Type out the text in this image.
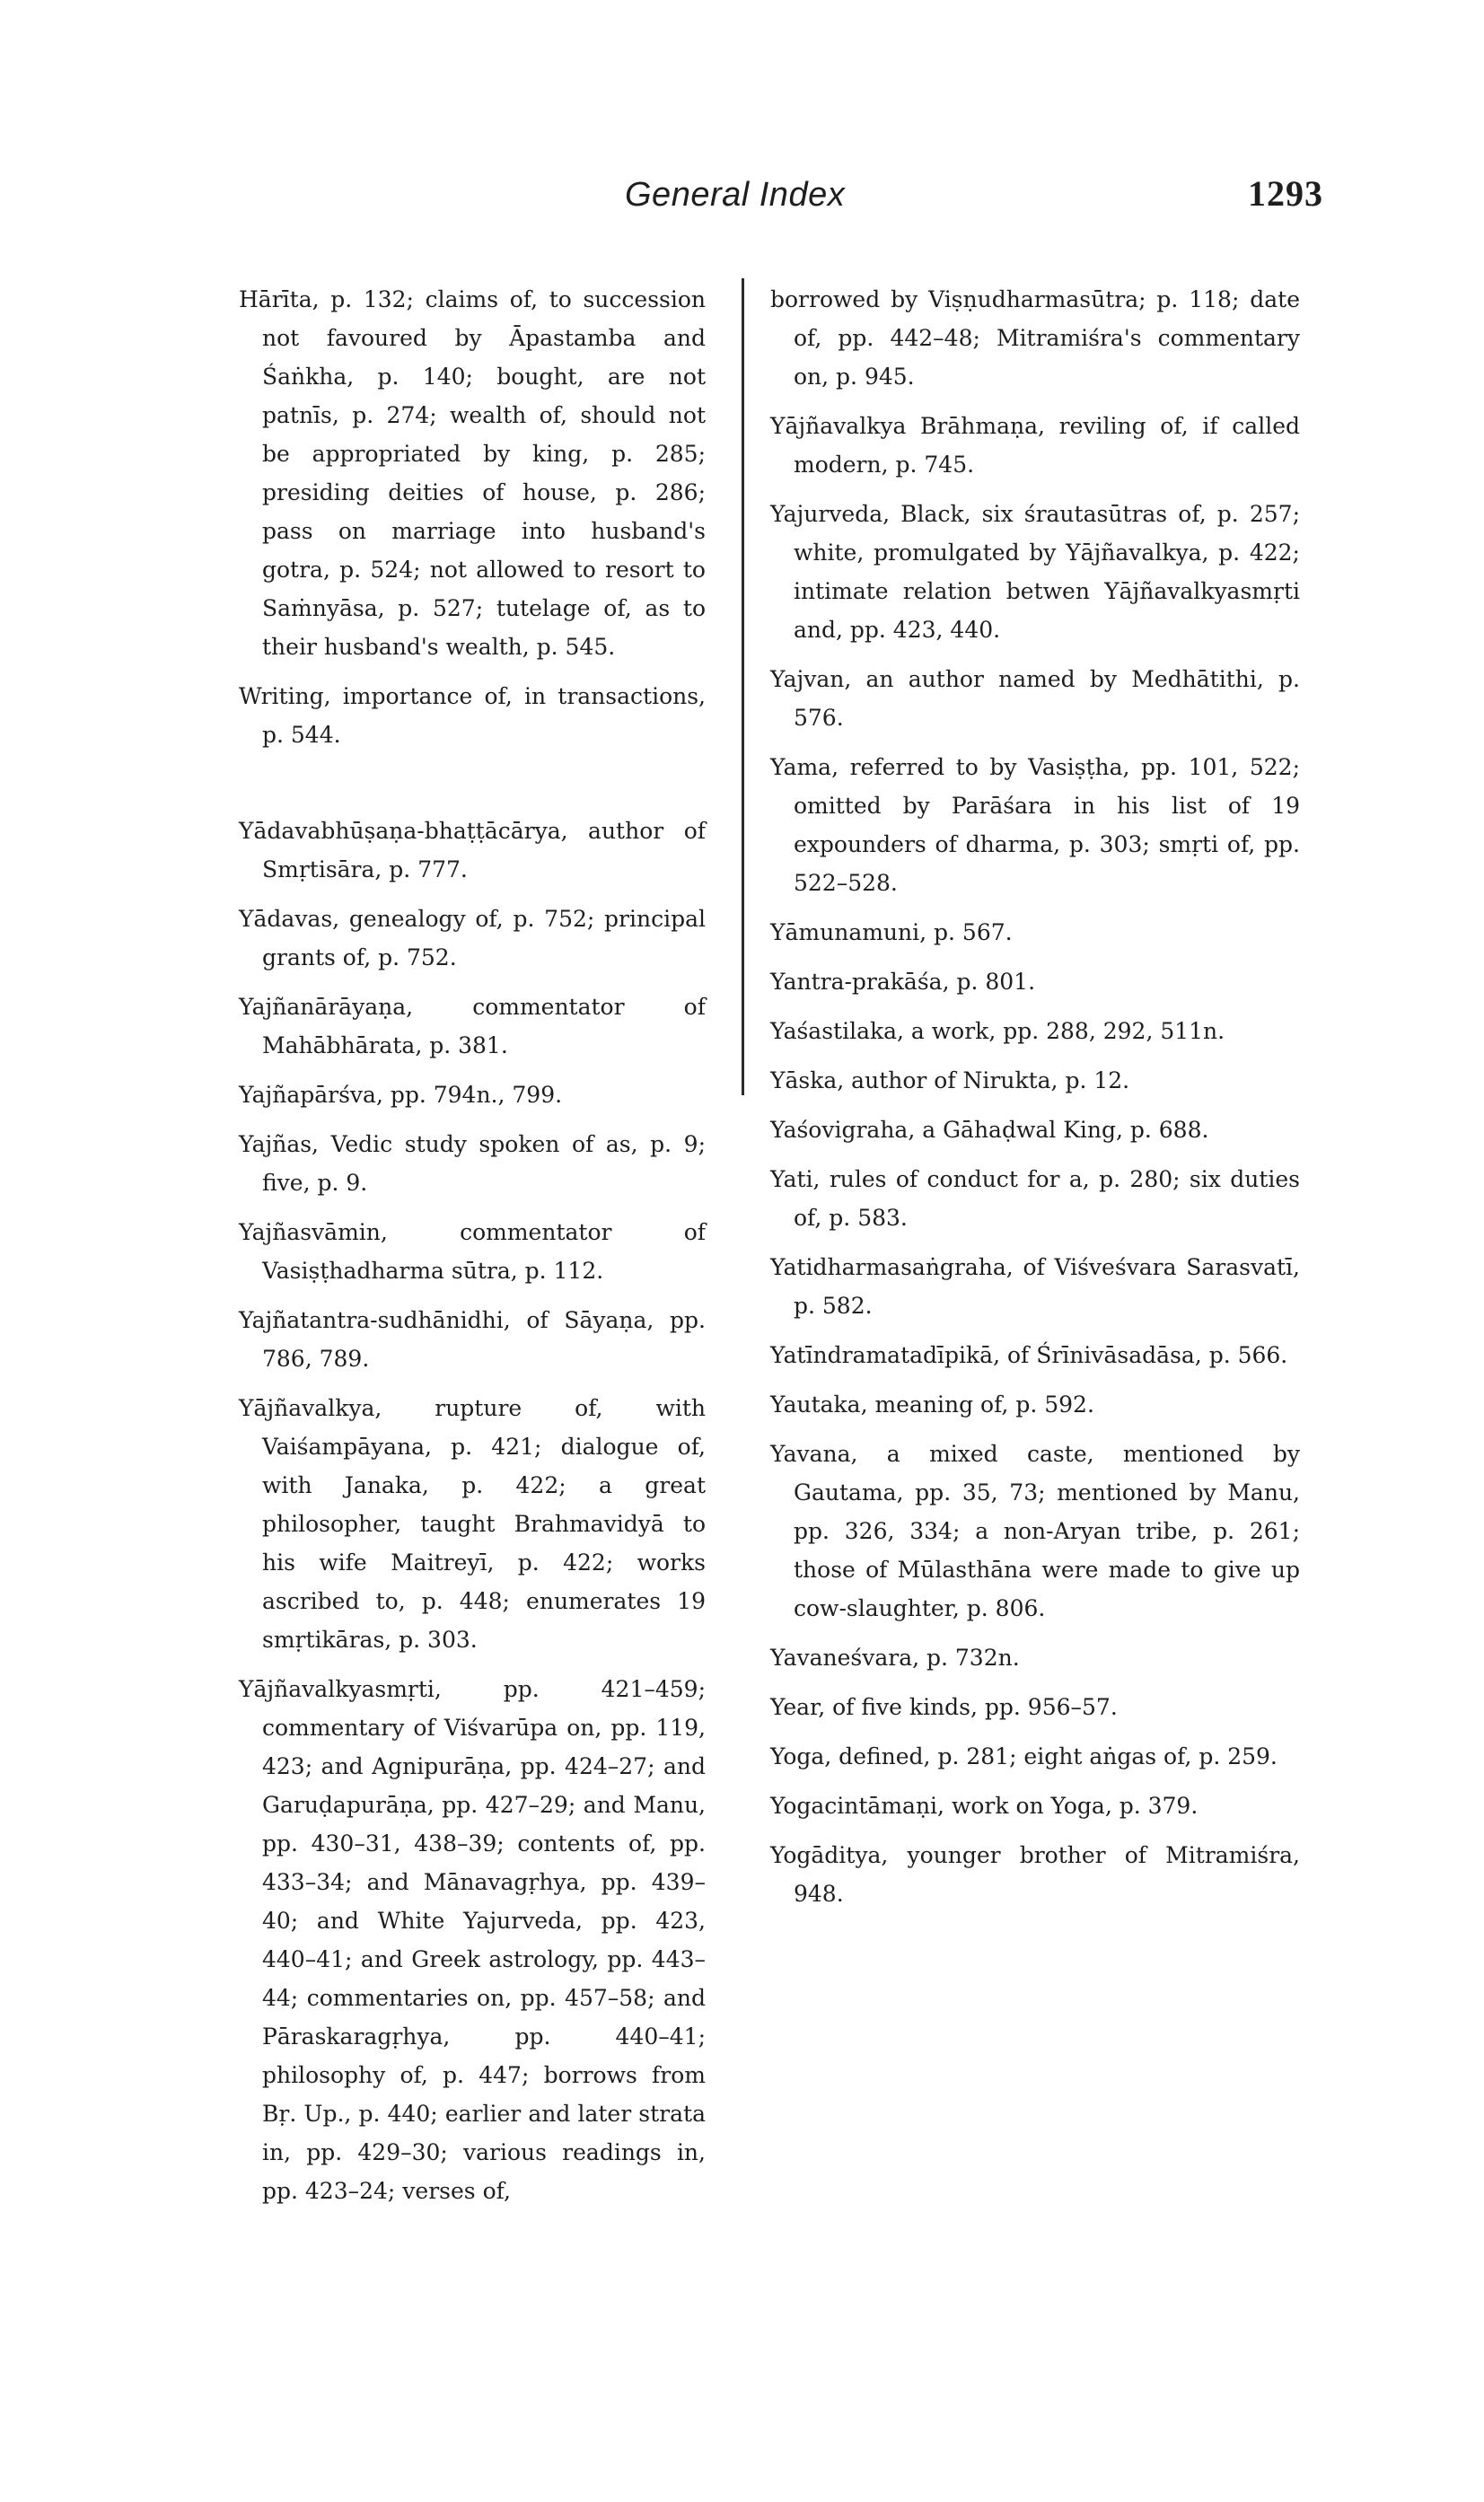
General Index	1293

Hārīta, p. 132; claims of, to succession not favoured by Āpastamba and Śaṅkha, p. 140; bought, are not patnīs, p. 274; wealth of, should not be appropriated by king, p. 285; presiding deities of house, p. 286; pass on marriage into husband's gotra, p. 524; not allowed to resort to Saṁnyāsa, p. 527; tutelage of, as to their husband's wealth, p. 545.

Writing, importance of, in transactions, p. 544.

Yādavabhūṣaṇa-bhaṭṭācārya, author of Smṛtisāra, p. 777.

Yādavas, genealogy of, p. 752; principal grants of, p. 752.

Yajñanārāyaṇa, commentator of Mahābhārata, p. 381.

Yajñapārśva, pp. 794n., 799.

Yajñas, Vedic study spoken of as, p. 9; five, p. 9.

Yajñasvāmin, commentator of Vasiṣṭhadharma sūtra, p. 112.

Yajñatantra-sudhānidhi, of Sāyaṇa, pp. 786, 789.

Yājñavalkya, rupture of, with Vaiśampāyana, p. 421; dialogue of, with Janaka, p. 422; a great philosopher, taught Brahmavidyā to his wife Maitreyī, p. 422; works ascribed to, p. 448; enumerates 19 smṛtikāras, p. 303.

Yājñavalkyasmṛti, pp. 421–459; commentary of Viśvarūpa on, pp. 119, 423; and Agnipurāṇa, pp. 424–27; and Garuḍapurāṇa, pp. 427–29; and Manu, pp. 430–31, 438–39; contents of, pp. 433–34; and Mānavagṛhya, pp. 439–40; and White Yajurveda, pp. 423, 440–41; and Greek astrology, pp. 443–44; commentaries on, pp. 457–58; and Pāraskaragṛhya, pp. 440–41; philosophy of, p. 447; borrows from Bṛ. Up., p. 440; earlier and later strata in, pp. 429–30; various readings in, pp. 423–24; verses of,

borrowed by Viṣṇudharmasūtra; p. 118; date of, pp. 442–48; Mitramiśra's commentary on, p. 945.

Yājñavalkya Brāhmaṇa, reviling of, if called modern, p. 745.

Yajurveda, Black, six śrautasūtras of, p. 257; white, promulgated by Yājñavalkya, p. 422; intimate relation betwen Yājñavalkyasmṛti and, pp. 423, 440.

Yajvan, an author named by Medhātithi, p. 576.

Yama, referred to by Vasiṣṭha, pp. 101, 522; omitted by Parāśara in his list of 19 expounders of dharma, p. 303; smṛti of, pp. 522–528.

Yāmunamuni, p. 567.

Yantra-prakāśa, p. 801.

Yaśastilaka, a work, pp. 288, 292, 511n.

Yāska, author of Nirukta, p. 12.

Yaśovigraha, a Gāhaḍwal King, p. 688.

Yati, rules of conduct for a, p. 280; six duties of, p. 583.

Yatidharmasaṅgraha, of Viśveśvara Sarasvatī, p. 582.

Yatīndramatadīpikā, of Śrīnivāsadāsa, p. 566.

Yautaka, meaning of, p. 592.

Yavana, a mixed caste, mentioned by Gautama, pp. 35, 73; mentioned by Manu, pp. 326, 334; a non-Aryan tribe, p. 261; those of Mūlasthāna were made to give up cow-slaughter, p. 806.

Yavaneśvara, p. 732n.

Year, of five kinds, pp. 956–57.

Yoga, defined, p. 281; eight aṅgas of, p. 259.

Yogacintāmaṇi, work on Yoga, p. 379.

Yogāditya, younger brother of Mitramiśra, 948.
